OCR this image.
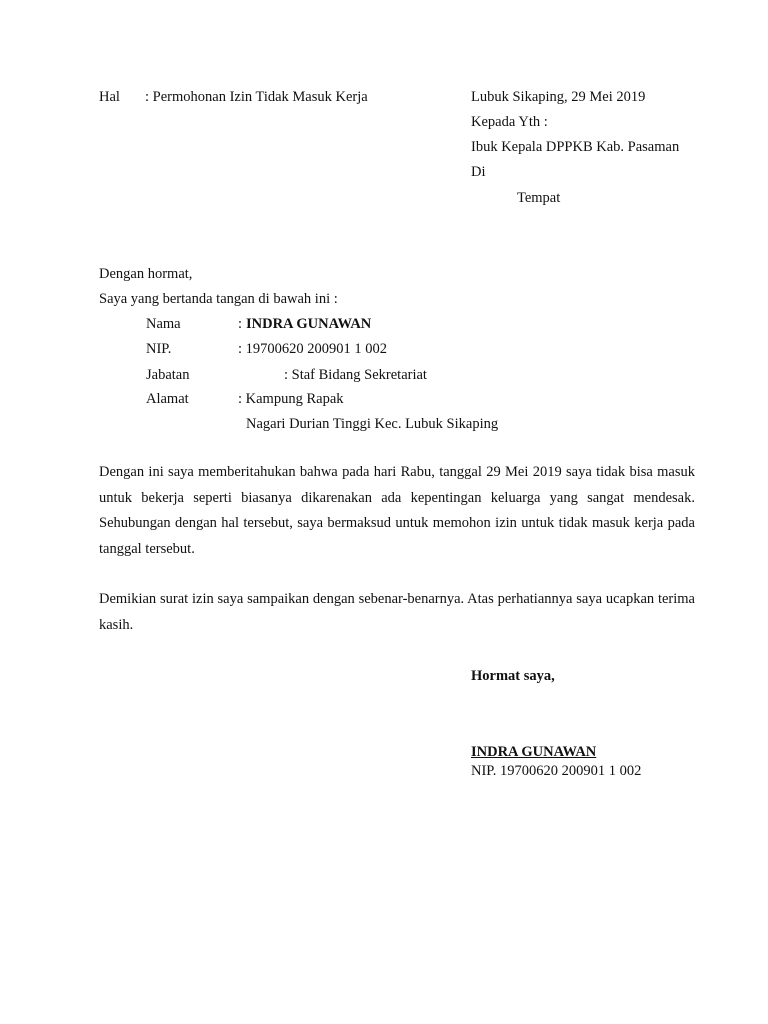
Hal : Permohonan Izin Tidak Masuk Kerja	Lubuk Sikaping, 29 Mei 2019
Kepada Yth :
Ibuk Kepala DPPKB Kab. Pasaman
Di
Tempat
Dengan hormat,
Saya yang bertanda tangan di bawah ini :
Nama	: INDRA GUNAWAN
NIP.	: 19700620 200901 1 002
Jabatan	: Staf Bidang Sekretariat
Alamat	: Kampung Rapak
Nagari Durian Tinggi Kec. Lubuk Sikaping

Dengan ini saya memberitahukan bahwa pada hari Rabu, tanggal 29 Mei 2019 saya tidak bisa masuk untuk bekerja seperti biasanya dikarenakan ada kepentingan keluarga yang sangat mendesak. Sehubungan dengan hal tersebut, saya bermaksud untuk memohon izin untuk tidak masuk kerja pada tanggal tersebut.

Demikian surat izin saya sampaikan dengan sebenar-benarnya. Atas perhatiannya saya ucapkan terima kasih.

Hormat saya,
INDRA GUNAWAN
NIP. 19700620 200901 1 002
